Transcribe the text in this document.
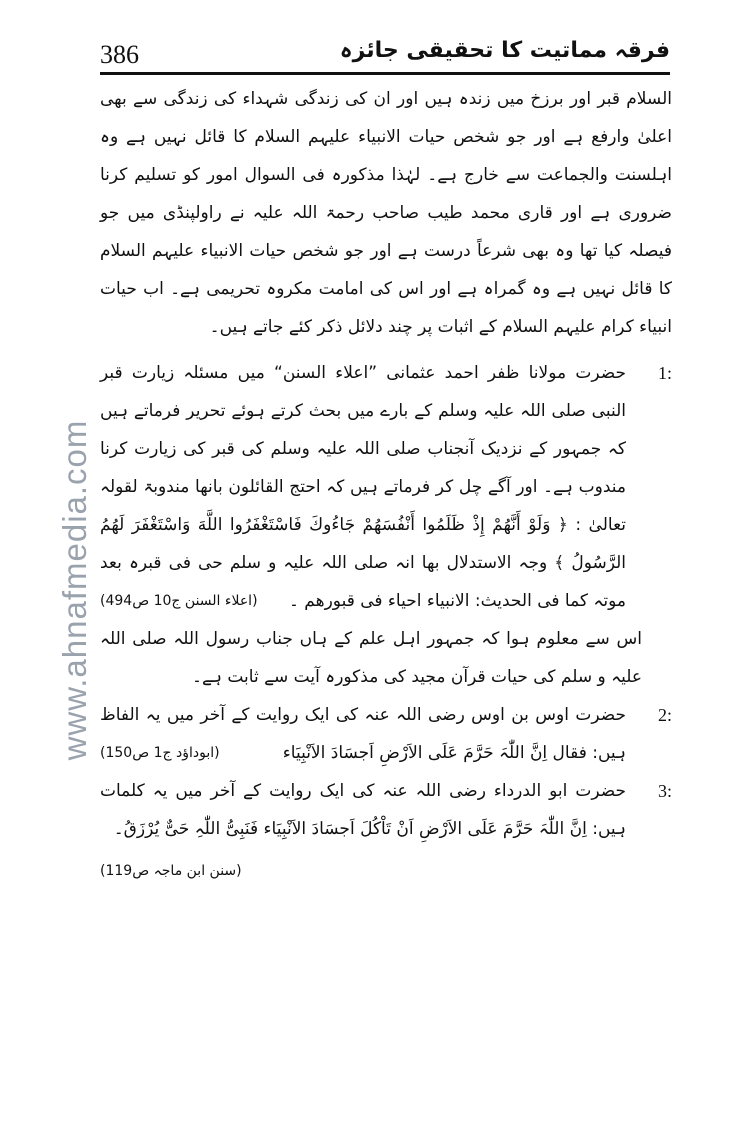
386	فرقہ مماتیت کا تحقیقی جائزہ
www.ahnafmedia.com

السلام قبر اور برزخ میں زندہ ہیں اور ان کی زندگی شہداء کی زندگی سے بھی اعلیٰ وارفع ہے اور جو شخص حیات الانبیاء علیہم السلام کا قائل نہیں ہے وہ اہلسنت والجماعت سے خارج ہے۔ لہٰذا مذکورہ فی السوال امور کو تسلیم کرنا ضروری ہے اور قاری محمد طیب صاحب رحمۃ اللہ علیہ نے راولپنڈی میں جو فیصلہ کیا تھا وہ بھی شرعاً درست ہے اور جو شخص حیات الانبیاء علیہم السلام کا قائل نہیں ہے وہ گمراہ ہے اور اس کی امامت مکروہ تحریمی ہے۔ اب حیات انبیاء کرام علیہم السلام کے اثبات پر چند دلائل ذکر کئے جاتے ہیں۔

1:
حضرت مولانا ظفر احمد عثمانی ”اعلاء السنن“ میں مسئلہ زیارت قبر النبی صلی اللہ علیہ وسلم کے بارے میں بحث کرتے ہوئے تحریر فرماتے ہیں کہ جمہور کے نزدیک آنجناب صلی اللہ علیہ وسلم کی قبر کی زیارت کرنا مندوب ہے۔ اور آگے چل کر فرماتے ہیں کہ احتج القائلون بانھا مندوبۃ لقولہ تعالیٰ : ﴿ وَلَوْ أَنَّهُمْ إِذْ ظَلَمُوا أَنْفُسَهُمْ جَاءُوكَ فَاسْتَغْفَرُوا اللَّهَ وَاسْتَغْفَرَ لَهُمُ الرَّسُولُ ﴾ وجہ الاستدلال بھا انہ صلی اللہ علیہ و سلم حی فی قبرہ بعد موتہ کما فی الحدیث: الانبیاء احیاء فی قبورھم ۔
(اعلاء السنن ج10 ص494)

اس سے معلوم ہوا کہ جمہور اہل علم کے ہاں جناب رسول اللہ صلی اللہ علیہ و سلم کی حیات قرآن مجید کی مذکورہ آیت سے ثابت ہے۔

2:
حضرت اوس بن اوس رضی اللہ عنہ کی ایک روایت کے آخر میں یہ الفاظ ہیں: فقال اِنَّ اللّٰہَ حَرَّمَ عَلَی الاَرْضِ اَجسَادَ الاَنْبِیَاء
(ابوداؤد ج1 ص150)
3:
حضرت ابو الدرداء رضی اللہ عنہ کی ایک روایت کے آخر میں یہ کلمات ہیں: اِنَّ اللّٰہَ حَرَّمَ عَلَی الاَرْضِ اَنْ تَاْکُلَ اَجسَادَ الاَنْبِیَاء فَنَبِیُّ اللّٰہِ حَیٌّ یُرْزَقُ۔
(سنن ابن ماجہ ص119)
